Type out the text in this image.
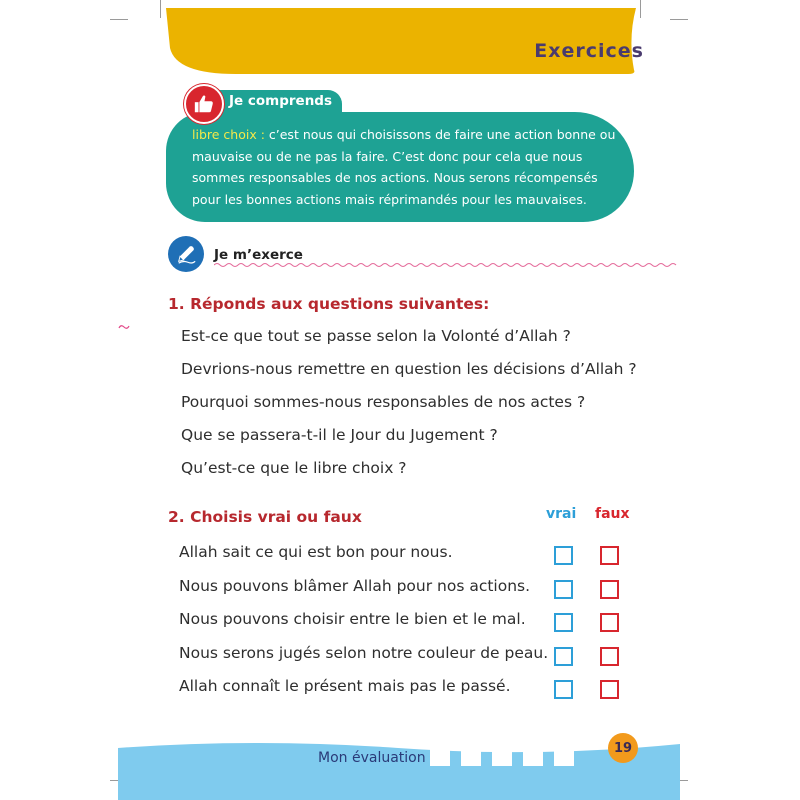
Exercices
Je comprends
libre choix : c’est nous qui choisissons de faire une action bonne ou mauvaise ou de ne pas la faire. C’est donc pour cela que nous sommes responsables de nos actions. Nous serons récompensés pour les bonnes actions mais réprimandés pour les mauvaises.
Je m’exerce
1. Réponds aux questions suivantes:
Est-ce que tout se passe selon la Volonté d’Allah ?
Devrions-nous remettre en question les décisions d’Allah ?
Pourquoi sommes-nous responsables de nos actes ?
Que se passera-t-il le Jour du Jugement ?
Qu’est-ce que le libre choix ?
2. Choisis vrai ou faux	vrai faux
Allah sait ce qui est bon pour nous.
Nous pouvons blâmer Allah pour nos actions.
Nous pouvons choisir entre le bien et le mal.
Nous serons jugés selon notre couleur de peau.
Allah connaît le présent mais pas le passé.
Mon évaluation
19
